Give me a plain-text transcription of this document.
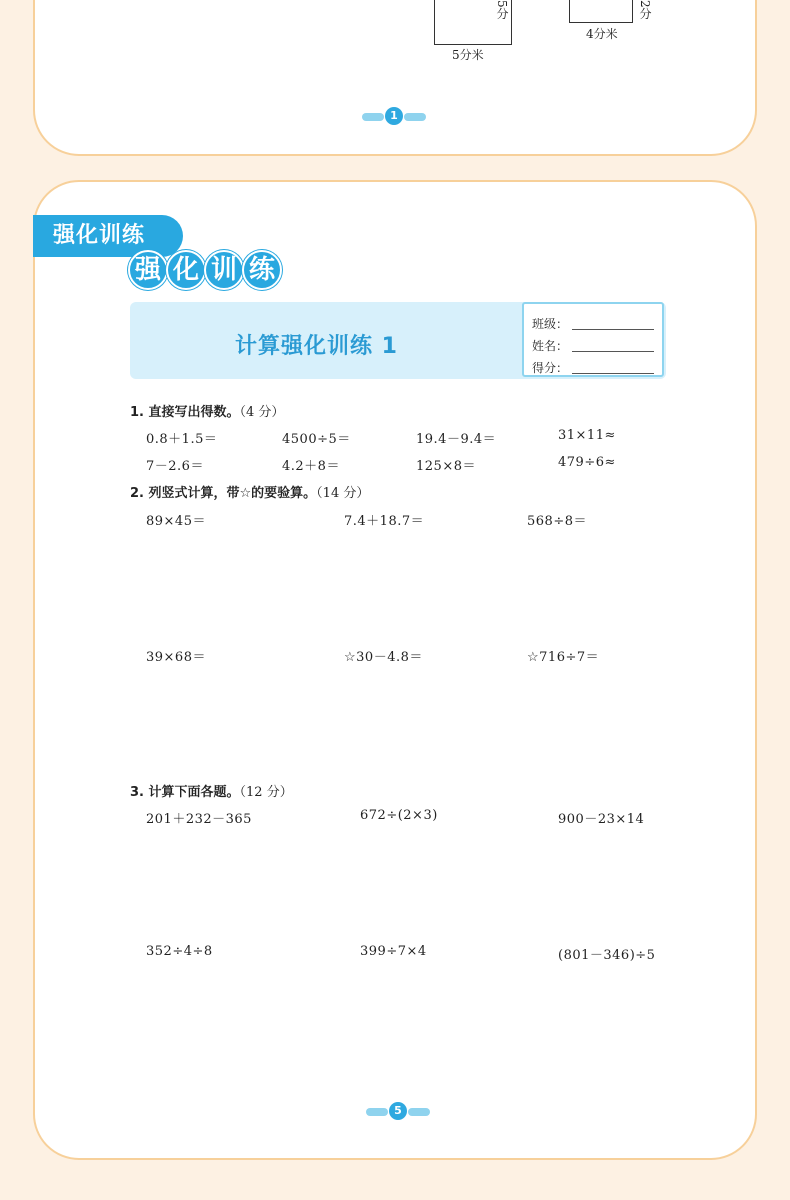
5分
5分米
2分
4分米
1
强化训练
强 化 训 练
计算强化训练 1
班级：
姓名：
得分：
1. 直接写出得数。（4 分）
0.8＋1.5＝	4500÷5＝	19.4－9.4＝	31×11≈
7－2.6＝	4.2＋8＝	125×8＝	479÷6≈
2. 列竖式计算，带☆的要验算。（14 分）
89×45＝	7.4＋18.7＝	568÷8＝
39×68＝	☆30－4.8＝	☆716÷7＝
3. 计算下面各题。（12 分）
201＋232－365	672÷(2×3)	900－23×14
352÷4÷8	399÷7×4	(801－346)÷5
5
